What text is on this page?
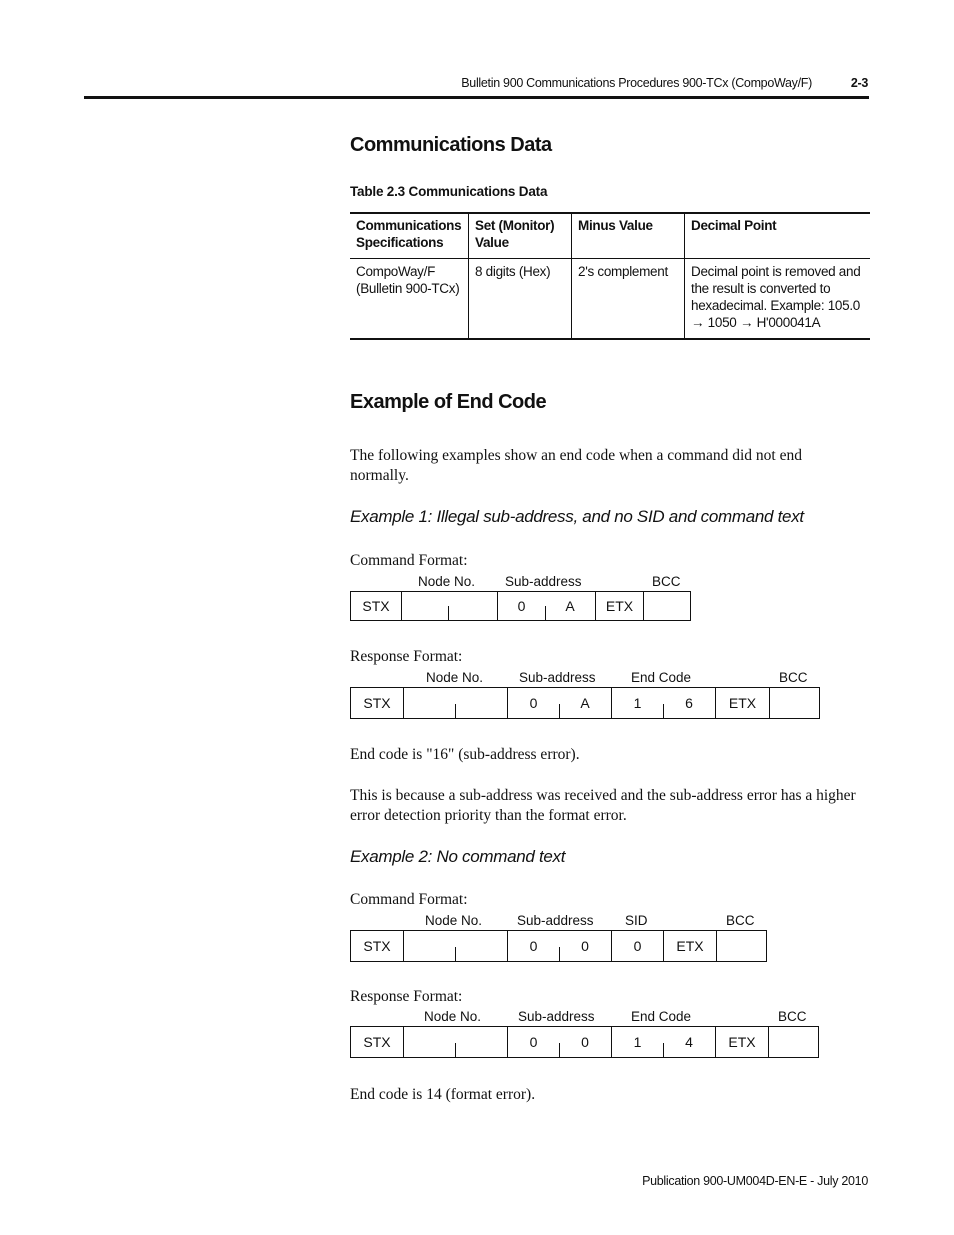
Bulletin 900 Communications Procedures 900-TCx (CompoWay/F)	2-3
Communications Data
Table 2.3 Communications Data
Communications Specifications	Set (Monitor) Value	Minus Value	Decimal Point
CompoWay/F (Bulletin 900-TCx)	8 digits (Hex)	2's complement	Decimal point is removed and the result is converted to hexadecimal. Example: 105.0
→ 1050 → H'000041A
Example of End Code
The following examples show an end code when a command did not end normally.
Example 1: Illegal sub-address, and no SID and command text
Command Format:
Node No. Sub-address	BCC
STX	0	A	ETX
Response Format:
Node No.	Sub-address	End Code	BCC
STX	0	A	1	6	ETX
End code is "16" (sub-address error).
This is because a sub-address was received and the sub-address error has a higher error detection priority than the format error.
Example 2: No command text
Command Format:
Node No.	Sub-address SID	BCC
STX	0	0	0	ETX
Response Format:
Node No.	Sub-address	End Code	BCC
STX	0	0	1	4	ETX
End code is 14 (format error).
Publication 900-UM004D-EN-E - July 2010
